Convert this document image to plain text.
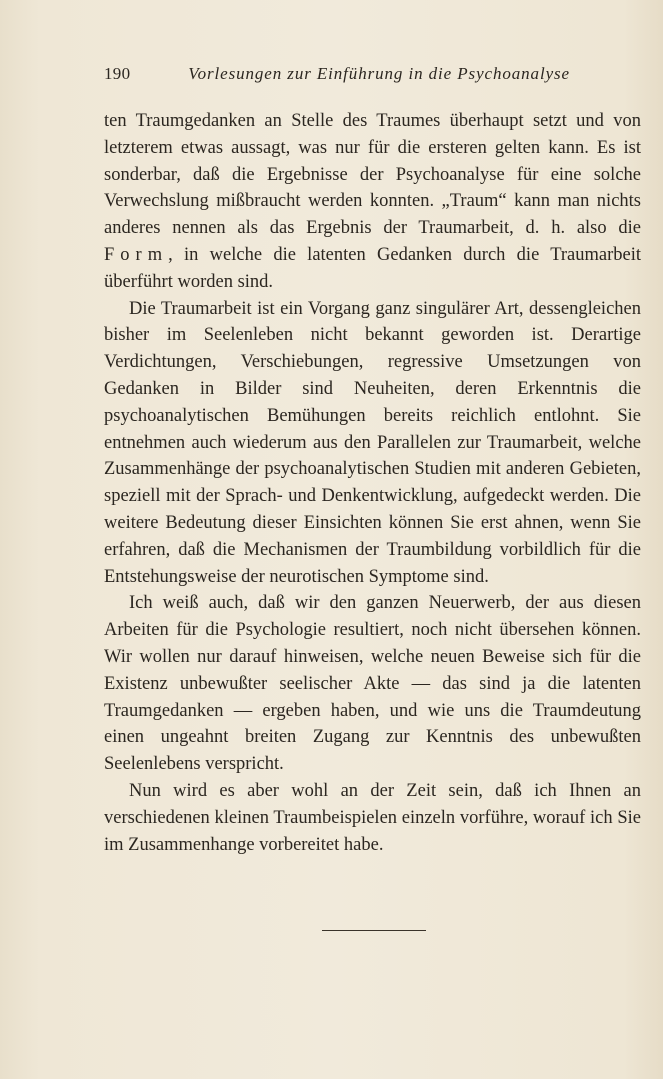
190	Vorlesungen zur Einführung in die Psychoanalyse

ten Traumgedanken an Stelle des Traumes überhaupt setzt und von letzterem etwas aussagt, was nur für die ersteren gelten kann. Es ist sonderbar, daß die Ergebnisse der Psychoanalyse für eine solche Verwechslung mißbraucht werden konnten. „Traum“ kann man nichts anderes nennen als das Ergebnis der Traumarbeit, d. h. also die Form, in welche die latenten Gedanken durch die Traumarbeit überführt worden sind.

Die Traumarbeit ist ein Vorgang ganz singulärer Art, dessengleichen bisher im Seelenleben nicht bekannt geworden ist. Derartige Verdichtungen, Verschiebungen, regressive Umsetzungen von Gedanken in Bilder sind Neuheiten, deren Erkenntnis die psychoanalytischen Bemühungen bereits reichlich entlohnt. Sie entnehmen auch wiederum aus den Parallelen zur Traumarbeit, welche Zusammenhänge der psychoanalytischen Studien mit anderen Gebieten, speziell mit der Sprach- und Denkentwicklung, aufgedeckt werden. Die weitere Bedeutung dieser Einsichten können Sie erst ahnen, wenn Sie erfahren, daß die Mechanismen der Traumbildung vorbildlich für die Entstehungsweise der neurotischen Symptome sind.

Ich weiß auch, daß wir den ganzen Neuerwerb, der aus diesen Arbeiten für die Psychologie resultiert, noch nicht übersehen können. Wir wollen nur darauf hinweisen, welche neuen Beweise sich für die Existenz unbewußter seelischer Akte — das sind ja die latenten Traumgedanken — ergeben haben, und wie uns die Traumdeutung einen ungeahnt breiten Zugang zur Kenntnis des unbewußten Seelenlebens verspricht.

Nun wird es aber wohl an der Zeit sein, daß ich Ihnen an verschiedenen kleinen Traumbeispielen einzeln vorführe, worauf ich Sie im Zusammenhange vorbereitet habe.
